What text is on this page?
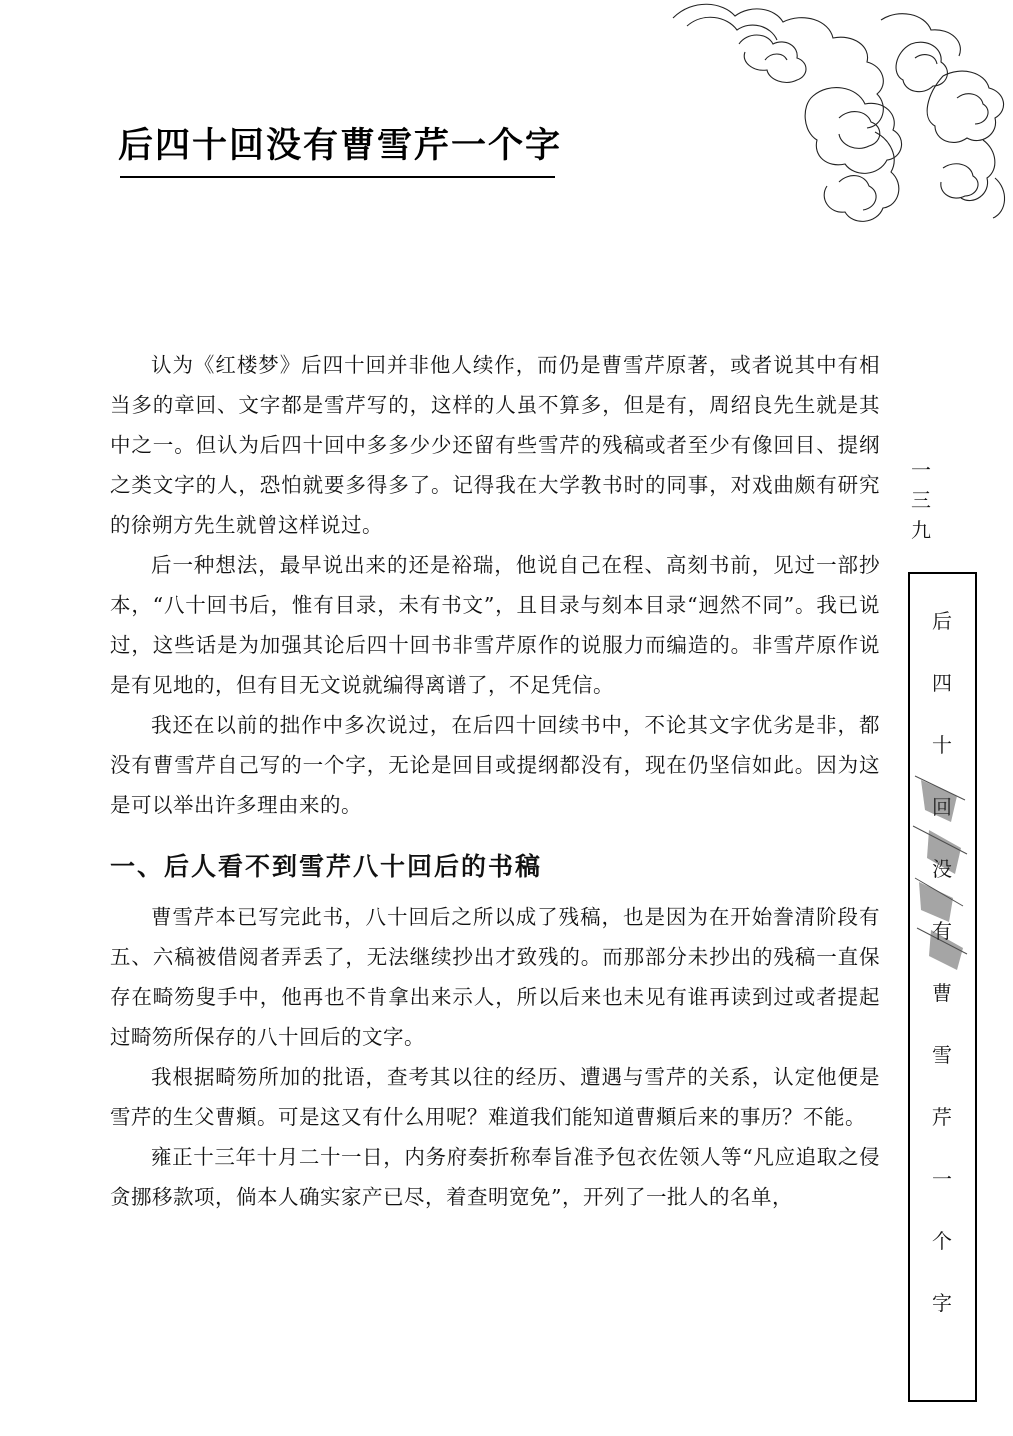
后四十回没有曹雪芹一个字

认为《红楼梦》后四十回并非他人续作，而仍是曹雪芹原著，或者说其中有相当多的章回、文字都是雪芹写的，这样的人虽不算多，但是有，周绍良先生就是其中之一。但认为后四十回中多多少少还留有些雪芹的残稿或者至少有像回目、提纲之类文字的人，恐怕就要多得多了。记得我在大学教书时的同事，对戏曲颇有研究的徐朔方先生就曾这样说过。

后一种想法，最早说出来的还是裕瑞，他说自己在程、高刻书前，见过一部抄本，“八十回书后，惟有目录，未有书文”，且目录与刻本目录“迥然不同”。我已说过，这些话是为加强其论后四十回书非雪芹原作的说服力而编造的。非雪芹原作说是有见地的，但有目无文说就编得离谱了，不足凭信。

我还在以前的拙作中多次说过，在后四十回续书中，不论其文字优劣是非，都没有曹雪芹自己写的一个字，无论是回目或提纲都没有，现在仍坚信如此。因为这是可以举出许多理由来的。

一、后人看不到雪芹八十回后的书稿

曹雪芹本已写完此书，八十回后之所以成了残稿，也是因为在开始誊清阶段有五、六稿被借阅者弄丢了，无法继续抄出才致残的。而那部分未抄出的残稿一直保存在畸笏叟手中，他再也不肯拿出来示人，所以后来也未见有谁再读到过或者提起过畸笏所保存的八十回后的文字。

我根据畸笏所加的批语，查考其以往的经历、遭遇与雪芹的关系，认定他便是雪芹的生父曹頫。可是这又有什么用呢？难道我们能知道曹頫后来的事历？不能。

雍正十三年十月二十一日，内务府奏折称奉旨准予包衣佐领人等“凡应追取之侵贪挪移款项，倘本人确实家产已尽，着查明宽免”，开列了一批人的名单，

一
三
九
后
四
十
回
没
有
曹
雪
芹
一
个
字
